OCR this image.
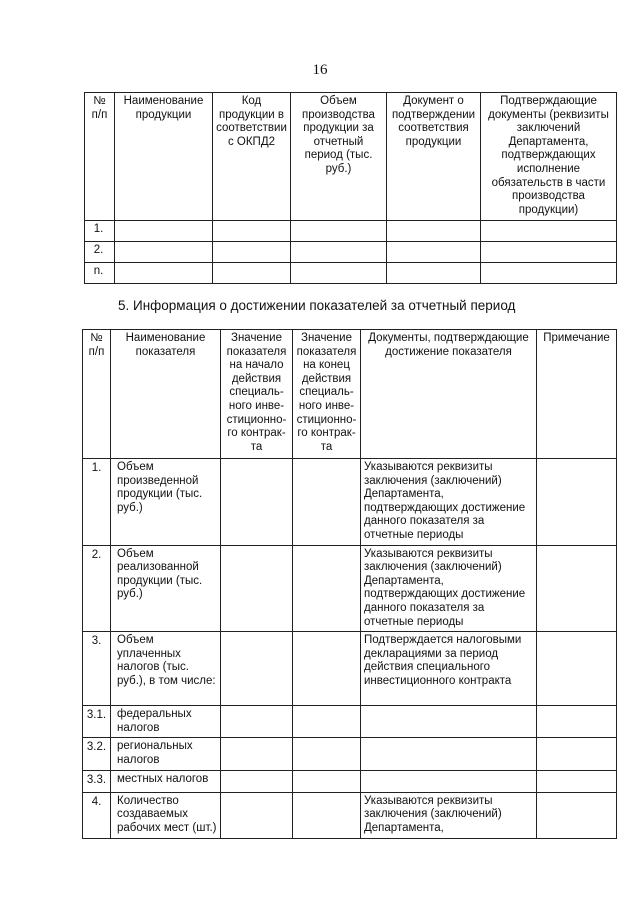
16
№ п/п	Наименование продукции	Код продукции в соответствии с ОКПД2	Объем производства продукции за отчетный период (тыс. руб.)	Документ о подтверждении соответствия продукции	Подтверждающие документы (реквизиты заключений Департамента, подтверждающих исполнение обязательств в части производства продукции)
1.					
2.					
n.					
5. Информация о достижении показателей за отчетный период
№ п/п	Наименование показателя	Значение показателя на начало действия специаль-ного инве-стиционно-го контрак-та	Значение показателя на конец действия специаль-ного инве-стиционно-го контрак-та	Документы, подтверждающие достижение показателя	Примечание
1.	Объем произведенной продукции (тыс. руб.)			Указываются реквизиты заключения (заключений) Департамента, подтверждающих достижение данного показателя за отчетные периоды	
2.	Объем реализованной продукции (тыс. руб.)			Указываются реквизиты заключения (заключений) Департамента, подтверждающих достижение данного показателя за отчетные периоды	
3.	Объем уплаченных налогов (тыс. руб.), в том числе:			Подтверждается налоговыми декларациями за период действия специального инвестиционного контракта	
3.1.	федеральных налогов				
3.2.	региональных налогов				
3.3.	местных налогов				
4.	Количество создаваемых рабочих мест (шт.)			Указываются реквизиты заключения (заключений) Департамента,	
